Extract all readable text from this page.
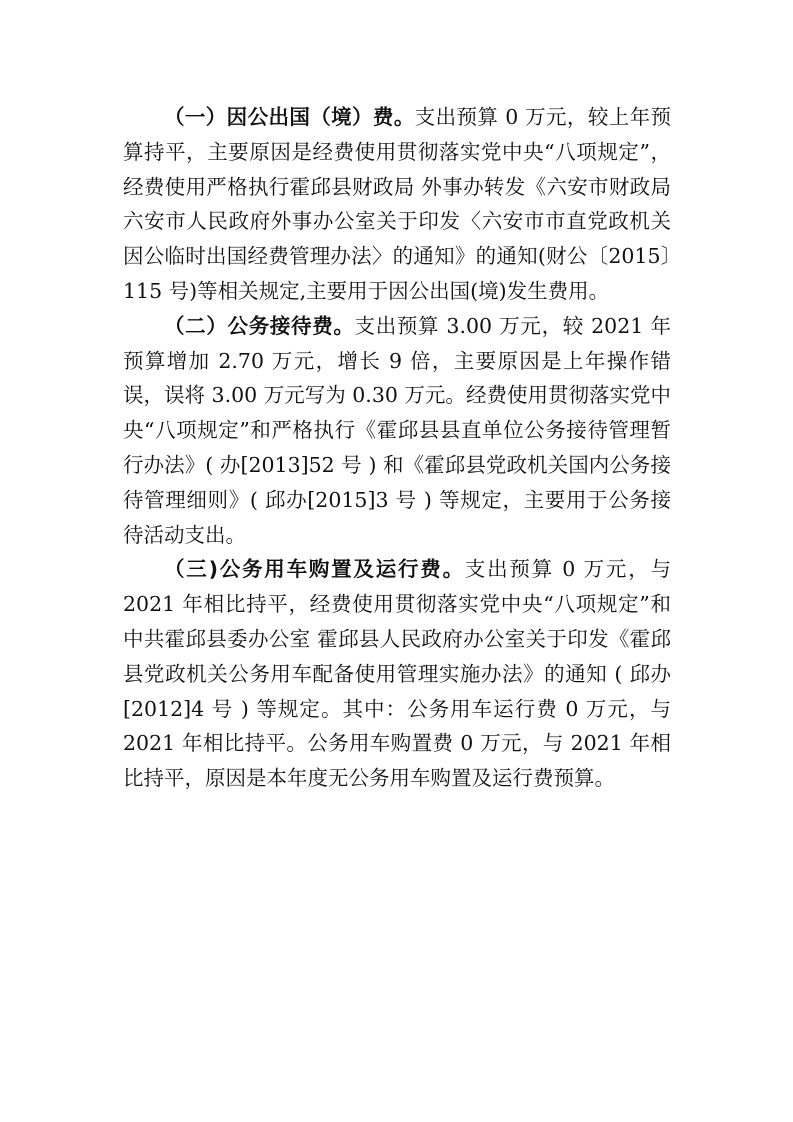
（一）因公出国（境）费。支出预算 0 万元，较上年预算持平，主要原因是经费使用贯彻落实党中央“八项规定”，经费使用严格执行霍邱县财政局 外事办转发《六安市财政局六安市人民政府外事办公室关于印发〈六安市市直党政机关因公临时出国经费管理办法〉的通知》的通知(财公〔2015〕115 号)等相关规定,主要用于因公出国(境)发生费用。

（二）公务接待费。支出预算 3.00 万元，较 2021 年预算增加 2.70 万元，增长 9 倍，主要原因是上年操作错误，误将 3.00 万元写为 0.30 万元。经费使用贯彻落实党中央“八项规定”和严格执行《霍邱县县直单位公务接待管理暂行办法》( 办[2013]52 号 ) 和《霍邱县党政机关国内公务接待管理细则》( 邱办[2015]3 号 ) 等规定，主要用于公务接待活动支出。

（三)公务用车购置及运行费。支出预算 0 万元，与 2021 年相比持平，经费使用贯彻落实党中央“八项规定”和中共霍邱县委办公室 霍邱县人民政府办公室关于印发《霍邱县党政机关公务用车配备使用管理实施办法》的通知 ( 邱办[2012]4 号 ) 等规定。其中：公务用车运行费 0 万元，与 2021 年相比持平。公务用车购置费 0 万元，与 2021 年相比持平，原因是本年度无公务用车购置及运行费预算。
